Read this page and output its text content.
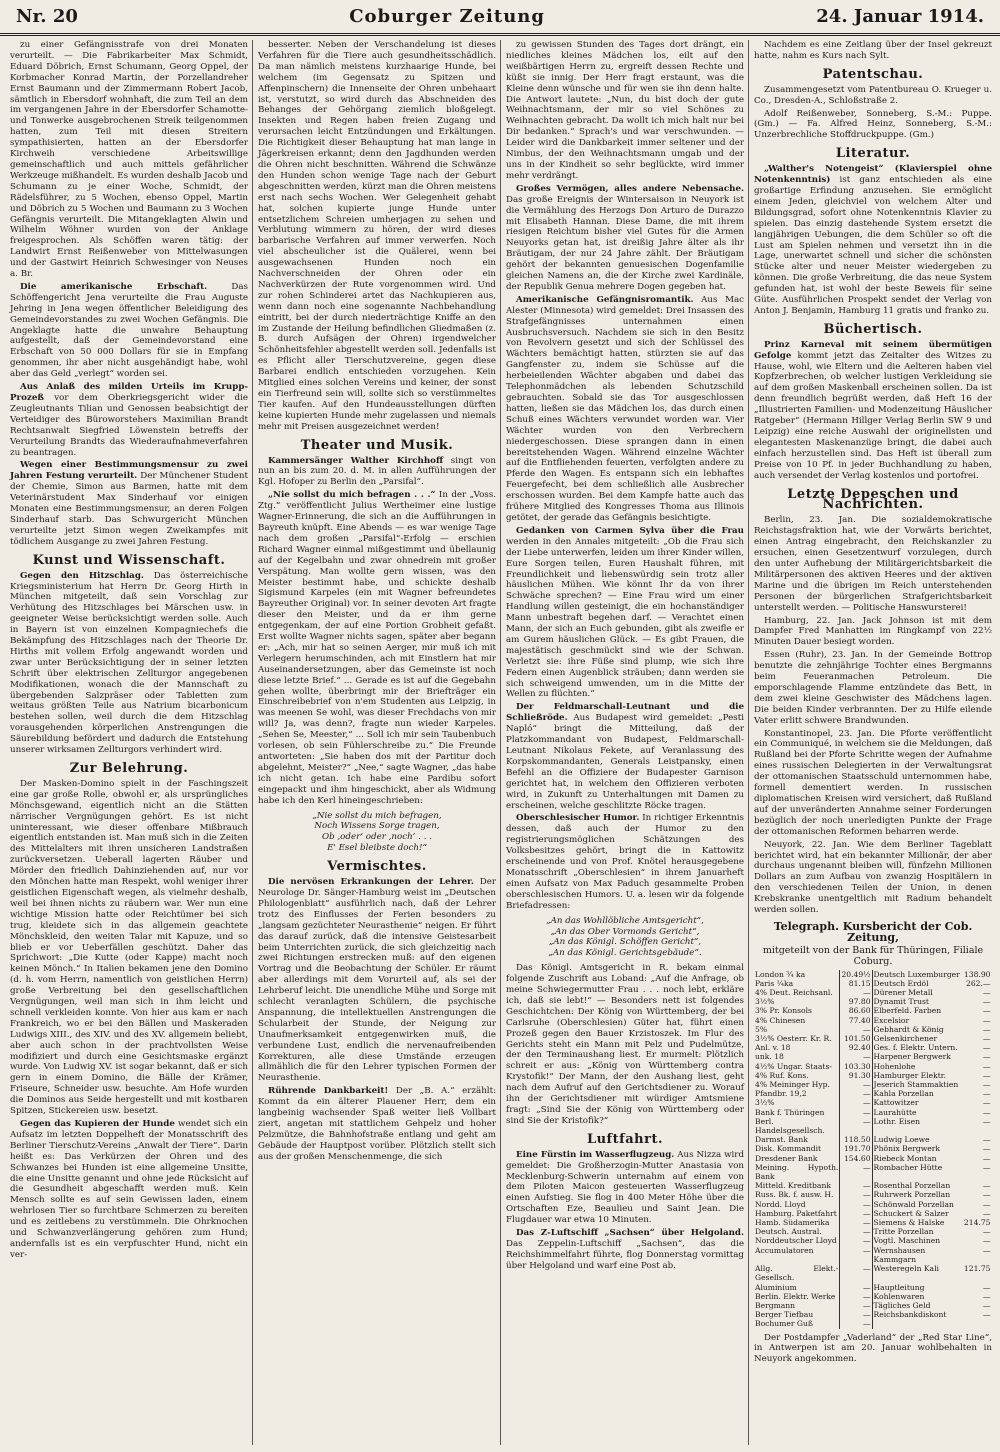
Nr. 20	Coburger Zeitung	24. Januar 1914.

zu einer Gefängnisstrafe von drei Monaten verurteilt. — Die Fabrikarbeiter Max Schmidt, Eduard Döbrich, Ernst Schumann, Georg Oppel, der Korbmacher Konrad Martin, der Porzellandreher Ernst Baumann und der Zimmermann Robert Jacob, sämtlich in Ebersdorf wohnhaft, die zum Teil an dem im vergangenen Jahre in der Ebersdorfer Schamotte- und Tonwerke ausgebrochenen Streik teilgenommen hatten, zum Teil mit diesen Streitern sympathisierten, hatten an der Ebersdorfer Kirchweih verschiedene Arbeitswillige gemeinschaftlich und auch mittels gefährlicher Werkzeuge mißhandelt. Es wurden deshalb Jacob und Schumann zu je einer Woche, Schmidt, der Rädelsführer, zu 5 Wochen, ebenso Oppel, Martin und Döbrich zu 5 Wochen und Baumann zu 3 Wochen Gefängnis verurteilt. Die Mitangeklagten Alwin und Wilhelm Wöhner wurden von der Anklage freigesprochen. Als Schöffen waren tätig: der Landwirt Ernst Reißenweber von Mittelwasungen und der Gastwirt Heinrich Schwesinger von Neuses a. Br.

Die amerikanische Erbschaft.	Das Schöffengericht Jena verurteilte die Frau Auguste Jehring in Jena wegen öffentlicher Beleidigung des Gemeindevorstandes zu zwei Wochen Gefängnis. Die Angeklagte hatte die unwahre Behauptung aufgestellt, daß der Gemeindevorstand eine Erbschaft von 50 000 Dollars für sie in Empfang genommen, ihr aber nicht ausgehändigt habe, wohl aber das Geld „verlegt“ worden sei.

Aus Anlaß des milden Urteils im Krupp-Prozeß vor dem Oberkriegsgericht wider die Zeugleutnants Tilian und Genossen beabsichtigt der Verteidiger des Büroworstehers Maximilian Brandt Rechtsanwalt Siegfried Löwenstein betreffs der Verurteilung Brandts das Wiederaufnahmeverfahren zu beantragen.

Wegen einer Bestimmungsmensur zu zwei Jahren Festung verurteilt. Der Münchener Student der Chemie, Simon aus Barmen, hatte mit dem Veterinärstudent Max Sinderhauf vor einigen Monaten eine Bestimmungsmensur, an deren Folgen Sinderhauf starb. Das Schwurgericht München verurteilte jetzt Simon wegen Zweikampfes mit tödlichem Ausgange zu zwei Jahren Festung.

Kunst und Wissenschaft.

Gegen den Hitzschlag. Das österreichische Kriegsministerium hat Herrn Dr. Georg Hirth in München mitgeteilt, daß sein Vorschlag zur Verhütung des Hitzschlages bei Märschen usw. in geeigneter Weise berücksichtigt werden solle. Auch in Bayern ist von einzelnen Kompagniechefs die Bekämpfung des Hitzschlages nach der Theorie Dr. Hirths mit vollem Erfolg angewandt worden und zwar unter Berücksichtigung der in seiner letzten Schrift über elektrischen Zellturgor angegebenen Modifikationen, wonach die der Mannschaft zu übergebenden Salzpräser oder Tabletten zum weitaus größten Teile aus Natrium bicarbonicum bestehen sollen, weil durch die dem Hitzschlag vorausgehenden körperlichen Anstrengungen die Säurebildung befördert und dadurch die Entstehung unserer wirksamen Zellturgors verhindert wird.

Zur Belehrung.

Der Masken-Domino spielt in der Faschingszeit eine gar große Rolle, obwohl er, als ursprüngliches Mönchsgewand, eigentlich nicht an die Stätten närrischer Vergnügungen gehört. Es ist nicht uninteressant, wie dieser offenbare Mißbrauch eigentlich entstanden ist. Man muß sich in die Zeiten des Mittelalters mit ihren unsicheren Landstraßen zurückversetzen. Ueberall lagerten Räuber und Mörder den friedlich Dahinziehenden auf, nur vor den Mönchen hatte man Respekt, wohl weniger ihrer geistlichen Eigenschaft wegen, als vielmehr deshalb, weil bei ihnen nichts zu räubern war. Wer nun eine wichtige Mission hatte oder Reichtümer bei sich trug, kleidete sich in das allgemein geachtete Mönchskleid, den weiten Talar mit Kapuze, und so blieb er vor Ueberfällen geschützt. Daher das Sprichwort: „Die Kutte (oder Kappe) macht noch keinen Mönch.“ In Italien bekamen jene den Domino (d. h. vom Herrn, namentlich von geistlichen Herrn) große Verbreitung bei den gesellschaftlichen Vergnügungen, weil man sich in ihm leicht und schnell verkleiden konnte. Von hier aus kam er nach Frankreich, wo er bei den Bällen und Maskeraden Ludwigs XIII., des XIV. und des XV. allgemein beliebt, aber auch schon in der prachtvollsten Weise modifiziert und durch eine Gesichtsmaske ergänzt wurde. Von Ludwig XV. ist sogar bekannt, daß er sich gern in einem Domino, die Bälle der Krämer, Friseure, Schneider usw. besuchte. Am Hofe wurden die Dominos aus Seide hergestellt und mit kostbaren Spitzen, Stickereien usw. besetzt.

Gegen das Kupieren der Hunde wendet sich ein Aufsatz im letzten Doppelheft der Monatsschrift des Berliner Tierschutz-Vereins „Anwalt der Tiere“. Darin heißt es: Das Verkürzen der Ohren und des Schwanzes bei Hunden ist eine allgemeine Unsitte, die eine Unsitte genannt und ohne jede Rücksicht auf die Gesundheit abgeschafft werden muß. Kein Mensch sollte es auf sein Gewissen laden, einem wehrlosen Tier so furchtbare Schmerzen zu bereiten und es zeitlebens zu verstümmeln. Die Ohrknochen und Schwanzverlängerung gehören zum Hund; andernfalls ist es ein verpfuschter Hund, nicht ein ver-

besserter. Neben der Verschandelung ist dieses Verfahren für die Tiere auch gesundheitsschädlich. Da man nämlich meistens kurzhaarige Hunde, bei welchem (im Gegensatz zu Spitzen und Affenpinschern) die Innenseite der Ohren unbehaart ist, verstutzt, so wird durch das Abschneiden des Behanges der Gehörgang ziemlich bloßgelegt. Insekten und Regen haben freien Zugang und verursachen leicht Entzündungen und Erkältungen. Die Richtigkeit dieser Behauptung hat man lange in Jägerkreisen erkannt; denn den Jagdhunden werden die Ohren nicht beschnitten. Während die Schwänze den Hunden schon wenige Tage nach der Geburt abgeschnitten werden, kürzt man die Ohren meistens erst nach sechs Wochen. Wer Gelegenheit gehabt hat, solchen kupierte junge Hunde unter entsetzlichem Schreien umherjagen zu sehen und Verblutung wimmern zu hören, der wird dieses barbarische Verfahren auf immer verwerfen. Noch viel abscheulicher ist die Quälerei, wenn bei ausgewachsenen Hunden noch ein Nachverschneiden der Ohren oder ein Nachverkürzen der Rute vorgenommen wird. Und zur rohen Schinderei artet das Nachkupieren aus, wenn dann noch eine sogenannte Nachbehandlung eintritt, bei der durch niederträchtige Kniffe an den im Zustande der Heilung befindlichen Gliedmaßen (z. B. durch Aufsägen der Ohren) irgendwelcher Schönheitsfehler abgestellt werden soll. Jedenfalls ist es Pflicht aller Tierschutzvereine, gegen diese Barbarei endlich entschieden vorzugehen. Kein Mitglied eines solchen Vereins und keiner, der sonst ein Tierfreund sein will, sollte sich so verstümmeltes Tier kaufen. Auf den Hundeausstellungen dürften keine kupierten Hunde mehr zugelassen und niemals mehr mit Preisen ausgezeichnet werden!

Theater und Musik.

Kammersänger Walther Kirchhoff singt von nun an bis zum 20. d. M. in allen Aufführungen der Kgl. Hofoper zu Berlin den „Parsifal“.

„Nie sollst du mich befragen . . .“ In der „Voss. Ztg.“ veröffentlicht Julius Wertheimer eine lustige Wagner-Erinnerung, die sich an die Aufführungen in Bayreuth knüpft. Eine Abends — es war wenige Tage nach dem großen „Parsifal“-Erfolg — erschien Richard Wagner einmal mißgestimmt und übellaunig auf der Kegelbahn und zwar ohnedrein mit großer Verspätung. Man wollte gern wissen, was den Meister bestimmt habe, und schickte deshalb Sigismund Karpeles (ein mit Wagner befreundetes Bayreuther Original) vor. In seiner devoten Art fragte dieser den Meister, und da er ihm gerne entgegenkam, der auf eine Portion Grobheit gefaßt. Erst wollte Wagner nichts sagen, später aber begann er: „Ach, mir hat so seinen Aerger, mir muß ich mit Verlegern herumschinden, ach mit Einstlern hat mir Auseinandersetzungen, aber das Gemeinste ist noch diese letzte Brief.“ ... Gerade es ist auf die Gegebahn gehen wollte, überbringt mir der Briefträger ein Einschreibebrief von n'em Studenten aus Leipzig, in was meenen Se wohl, was dieser Frechdachs von mir will? Ja, was denn?, fragte nun wieder Karpeles. „Sehen Se, Meester,“ ... Soll ich mir sein Taubenbuch vorlesen, ob sein Fühlerschreibe zu.“ Die Freunde antworteten: „Sie haben dos mit der Partitur doch abgelehnt, Meister?“ „Nee,“ sagte Wagner, „das habe ich nicht getan. Ich habe eine Pardibu sofort eingepackt und ihm hingeschickt, aber als Widmung habe ich den Kerl hineingeschrieben:

„Nie sollst du mich befragen,
Noch Wissens Sorge tragen,
Ob ‚oder‘ oder ‚noch‘ . . .
E' Esel bleibste doch!“
Vermischtes.

Die nervösen Erkrankungen der Lehrer. Der Neurologe Dr. Sänger-Hamburg weist im „Deutschen Philologenblatt“ ausführlich nach, daß der Lehrer trotz des Einflusses der Ferien besonders zu „langsam gezüchteter Neurasthenie“ neigen. Er führt das darauf zurück, daß die intensive Geistesarbeit beim Unterrichten zurück, die sich gleichzeitig nach zwei Richtungen erstrecken muß: auf den eigenen Vortrag und die Beobachtung der Schüler. Er räumt aber allerdings mit dem Vorurteil auf, als sei der Lehrberuf leicht. Die unendliche Mühe und Sorge mit schlecht veranlagten Schülern, die psychische Anspannung, die intellektuellen Anstrengungen die Schularbeit der Stunde, der Neigung zur Unaufmerksamkeit entgegenwirken muß, die verbundene Lust, endlich die nervenaufreibenden Korrekturen, alle diese Umstände erzeugen allmählich die für den Lehrer typischen Formen der Neurasthenie.

Rührende Dankbarkeit! Der „B. A.“ erzählt: Kommt da ein älterer Plauener Herr, dem ein langbeinig wachsender Spaß weiter ließ Vollbart ziert, angetan mit stattlichem Gehpelz und hoher Pelzmütze, die Bahnhofstraße entlang und geht am Gebäude der Hauptpost vorüber. Plötzlich stellt sich aus der großen Menschenmenge, die sich

zu gewissen Stunden des Tages dort drängt, ein niedliches kleines Mädchen los, eilt auf den weißbärtigen Herrn zu, ergreift dessen Rechte und küßt sie innig. Der Herr fragt erstaunt, was die Kleine denn wünsche und für wen sie ihn denn halte. Die Antwort lautete: „Nun, du bist doch der gute Weihnachtsmann, der mir so viel Schönes zu Weihnachten gebracht. Da wollt ich mich halt nur bei Dir bedanken.“ Sprach's und war verschwunden. — Leider wird die Dankbarkeit immer seltener und der Nimbus, der den Weihnachtsmann umgab und der uns in der Kindheit so sehr beglückte, wird immer mehr verdrängt.

Großes Vermögen, alles andere Nebensache. Das große Ereignis der Wintersaison in Neuyork ist die Vermählung des Herzogs Don Arturo de Durazzo mit Elisabeth Hannan. Diese Dame, die mit ihrem riesigen Reichtum bisher viel Gutes für die Armen Neuyorks getan hat, ist dreißig Jahre älter als ihr Bräutigam, der nur 24 Jahre zählt. Der Bräutigam gehört der bekannten genuesischen Dogenfamilie gleichen Namens an, die der Kirche zwei Kardinäle, der Republik Genua mehrere Dogen gegeben hat.

Amerikanische Gefängnisromantik. Aus Mac Alester (Minnesota) wird gemeldet: Drei Insassen des Strafgefängnisses unternahmen einen Ausbruchsversuch. Nachdem sie sich in den Besitz von Revolvern gesetzt und sich der Schlüssel des Wächters bemächtigt hatten, stürzten sie auf das Gangfenster zu, indem sie Schüsse auf die herbeieilenden Wächter abgaben und dabei das Telephonmädchen als lebenden Schutzschild gebrauchten. Sobald sie das Tor ausgeschlossen hatten, ließen sie das Mädchen los, das durch einen Schuß eines Wächters verwundet worden war. Vier Wächter wurden von den Verbrechern niedergeschossen. Diese sprangen dann in einen bereitstehenden Wagen. Während einzelne Wächter auf die Entfliehenden feuerten, verfolgten andere zu Pferde den Wagen. Es entspann sich ein lebhaftes Feuergefecht, bei dem schließlich alle Ausbrecher erschossen wurden. Bei dem Kampfe hatte auch das frühere Mitglied des Kongresses Thoma aus Illinois getötet, der gerade das Gefängnis besichtigte.

Gedanken von Carmen Sylva über die Frau werden in den Annales mitgeteilt: „Ob die Frau sich der Liebe unterwerfen, leiden um ihrer Kinder willen, Eure Sorgen teilen, Euren Haushalt führen, mit Freundlichkeit und liebenswürdig sein trotz aller häuslichen Mühen. Wie könnt Ihr da von ihrer Schwäche sprechen? — Eine Frau wird um einer Handlung willen gesteinigt, die ein hochanständiger Mann unbestraft begehen darf. — Verachtet einen Mann, der sich an Euch gebunden, gibt als zweifle er am Gurem häuslichen Glück. — Es gibt Frauen, die majestätisch geschmückt sind wie der Schwan. Verletzt sie: ihre Füße sind plump, wie sich ihre Federn einen Augenblick sträuben; dann werden sie sich schweigend umwenden, um in die Mitte der Wellen zu flüchten.“

Der Feldmarschall-Leutnant und die Schließröde. Aus Budapest wird gemeldet: „Pesti Napló“ bringt die Mitteilung, daß der Platzkommandant von Budapest, Feldmarschall-Leutnant Nikolaus Fekete, auf Veranlassung des Korpskommandanten, Generals Leistpansky, einen Befehl an die Offiziere der Budapester Garnison gerichtet hat, in welchem den Offizieren verboten wird, in Zukunft zu Unterhaltungen mit Damen zu erscheinen, welche geschlitzte Röcke tragen.

Oberschlesischer Humor. In richtiger Erkenntnis dessen, daß auch der Humor zu den registrierungsmöglichen Schätzungen des Volksbesitzes gehört, bringt die in Kattowitz erscheinende und von Prof. Knötel herausgegebene Monatsschrift „Oberschlesien“ in ihrem Januarheft einen Aufsatz von Max Paduch gesammelte Proben oberschlesischen Humors. U. a. lesen wir da folgende Briefadressen:

„An das Wohllöbliche Amtsgericht“,
„An das Ober Vormonds Gericht“,
„An das Königl. Schöffen Gericht“,
„An das Königl. Gerichtsgebäude“.

Das Königl. Amtsgericht in R. bekam einmal folgende Zuschrift aus Loband: „Auf die Anfrage, ob meine Schwiegermutter Frau . . . noch lebt, erkläre ich, daß sie lebt!“ — Besonders nett ist folgendes Geschichtchen: Der König von Württemberg, der bei Carlsruhe (Oberschlesien) Güter hat, führt einen Prozeß gegen den Bauer Krzistoszek. Im Flur des Gerichts steht ein Mann mit Pelz und Pudelmütze, der den Terminaushang liest. Er murmelt: Plötzlich schreit er aus: „König von Württemberg contra Krystofik!“ Der Mann, der den Aushang liest, geht nach dem Aufruf auf den Gerichtsdiener zu. Worauf ihn der Gerichtsdiener mit würdiger Amtsmiene fragt: „Sind Sie der König von Württemberg oder sind Sie der Kristofik?“

Luftfahrt.

Eine Fürstin im Wasserflugzeug. Aus Nizza wird gemeldet: Die Großherzogin-Mutter Anastasia von Mecklenburg-Schwerin unternahm auf einem von dem Piloten Maicon gesteuerten Wasserflugzeug einen Aufstieg. Sie flog in 400 Meter Höhe über die Ortschaften Eze, Beaulieu und Saint Jean. Die Flugdauer war etwa 10 Minuten.

Das Z-Luftschiff „Sachsen“ über Helgoland. Das Zeppelin-Luftschiff „Sachsen“, das die Reichshimmelfahrt führte, flog Donnerstag vormittag über Helgoland und warf eine Post ab.

Nachdem es eine Zeitlang über der Insel gekreuzt hatte, nahm es Kurs nach Sylt.

Patentschau.

Zusammengesetzt vom Patentbureau O. Krueger u. Co., Dresden-A., Schloßstraße 2.

Adolf Reißenweber, Sonneberg, S.-M.: Puppe. (Gm.) — Fa. Alfred Heinz, Sonneberg, S.-M.: Unzerbrechliche Stoffdruckpuppe. (Gm.)

Literatur.

„Walther's Notengeist“ (Klavierspiel ohne Notenkenntnis) ist ganz entschieden als eine großartige Erfindung anzusehen. Sie ermöglicht einem Jeden, gleichviel von welchem Alter und Bildungsgrad, sofort ohne Notenkenntnis Klavier zu spielen. Das einzig dastehende System ersetzt die langjährigen Uebungen, die dem Schüler so oft die Lust am Spielen nehmen und versetzt ihn in die Lage, unerwartet schnell und sicher die schönsten Stücke alter und neuer Meister wiedergeben zu können. Die große Verbreitung, die das neue System gefunden hat, ist wohl der beste Beweis für seine Güte. Ausführlichen Prospekt sendet der Verlag von Anton J. Benjamin, Hamburg 11 gratis und franko zu.

Büchertisch.

Prinz Karneval mit seinem übermütigen Gefolge kommt jetzt das Zeitalter des Witzes zu Hause, wohl, wie Eltern und die Aelteren haben viel Kopfzerbrechen, ob welcher lustigen Verkleidung sie auf dem großen Maskenball erscheinen sollen. Da ist denn freundlich begrüßt werden, daß Heft 16 der „Illustrierten Familien- und Modenzeitung Häuslicher Ratgeber“ (Hermann Hillger Verlag Berlin SW 9 und Leipzig) eine reiche Auswahl der originellsten und elegantesten Maskenanzüge bringt, die dabei auch einfach herzustellen sind. Das Heft ist überall zum Preise von 10 Pf. in jeder Buchhandlung zu haben, auch versendet der Verlag kostenlos und portofrei.

Letzte Depeschen und Nachrichten.

Berlin, 23. Jan. Die sozialdemokratische Reichstagsfraktion hat, wie der Vorwärts berichtet, einen Antrag eingebracht, den Reichskanzler zu ersuchen, einen Gesetzentwurf vorzulegen, durch den unter Aufhebung der Militärgerichtsbarkeit die Militärpersonen des aktiven Heeres und der aktiven Marine und die übrigen im Reich unterstehenden Personen der bürgerlichen Strafgerichtsbarkeit unterstellt werden. — Politische Hanswursterei!

Hamburg, 22. Jan. Jack Johnson ist mit dem Dampfer Fred Manhatten im Ringkampf von 22½ Minuten Dauer besiegt worden.

Essen (Ruhr), 23. Jan. In der Gemeinde Bottrop benutzte die zehnjährige Tochter eines Bergmanns beim Feueranmachen Petroleum. Die emporschlagende Flamme entzündete das Bett, in dem zwei kleine Geschwister des Mädchens lagen. Die beiden Kinder verbrannten. Der zu Hilfe eilende Vater erlitt schwere Brandwunden.

Konstantinopel, 23. Jan. Die Pforte veröffentlicht ein Communiqué, in welchem sie die Meldungen, daß Rußland bei der Pforte Schritte wegen der Aufnahme eines russischen Delegierten in der Verwaltungsrat der ottomanischen Staatsschuld unternommen habe, formell dementiert werden. In russischen diplomatischen Kreisen wird versichert, daß Rußland auf der unveränderten Annahme seiner Forderungen bezüglich der noch unerledigten Punkte der Frage der ottomanischen Reformen beharren werde.

Neuyork, 22. Jan. Wie dem Berliner Tageblatt berichtet wird, hat ein bekannter Millionär, der aber durchaus ungenannt bleiben will, fünfzehn Millionen Dollars an zum Aufbau von zwanzig Hospitälern in den verschiedenen Teilen der Union, in denen Krebskranke unentgeltlich mit Radium behandelt werden sollen.

Telegraph. Kursbericht der Cob. Zeitung,
mitgeteilt von der Bank für Thüringen, Filiale Coburg.
London ¾ ka	20.49½	Deutsch Luxemburger	138.90
Paris ¼ka	81.15	Deutsch Erdöl	262.—
4% Deut. Reichsanl.	—	Dürener Metall	—
3½%	97.80	Dynamit Trust	—
3% Pr. Konsols	86.60	Elberfeld. Farben	—
4% Chinesen	77.40	Excelsior	—
5%	—	Gebhardt & König	—
3½% Oesterr. Kr. R.	101.50	Gelsenkirchener	—
Anl. v. 18	92.40	Ges. f. Elektr. Untern.	—
unk. 18	—	Harpener Bergwerk	—
4½% Ungar. Staats-	103.30	Hohenlohe	—
4% Ruf. Kons.	91.30	Hamburger Elektr.	—
4% Meininger Hyp.	—	Jeserich Stammaktien	—
Pfandbr. 19,2	—	Kahla Porzellan	—
3½%	—	Kattowitzer	—
Bank f. Thüringen	—	Laurahütte	—
Berl. Handelsgesellsch.	—	Lothr. Eisen	—
Darmst. Bank	118.50	Ludwig Loewe	—
Disk. Kommandit	191.70	Phönix Bergwerk	—
Dresdener Bank	154.60	Riebeck Montan	—
Meining. Hypoth. Bank	—	Rombacher Hütte	—
Mitteld. Kreditbank	—	Rosenthal Porzellan	—
Russ. Bk. f. ausw. H.	—	Ruhrwerk Porzellan	—
Nordd. Lloyd	—	Schönwald Porzellan	—
Hamburg. Paketfahrt	—	Schuckert & Salzer	—
Hamb. Südamerika	—	Siemens & Halske	214.75
Deutsch. Austral.	—	Tritte Porzellan	—
Norddeutscher Lloyd	—	Vogtl. Maschinen	—
Accumulatoren	—	Wernshausen Kammgarn	—
Allg. Elekt.-Gesellsch.	—	Westeregeln Kali	121.75
Aluminium	—	Hauptleitung	—
Berlin. Elektr. Werke	—	Kohlenwaren	—
Bergmann	—	Tägliches Geld	—
Berger Tiefbau	—	Reichsbankdiskont	—
Bochumer Guß	—		

Der Postdampfer „Vaderland“ der „Red Star Line“, in Antwerpen ist am 20. Januar wohlbehalten in Neuyork angekommen.
